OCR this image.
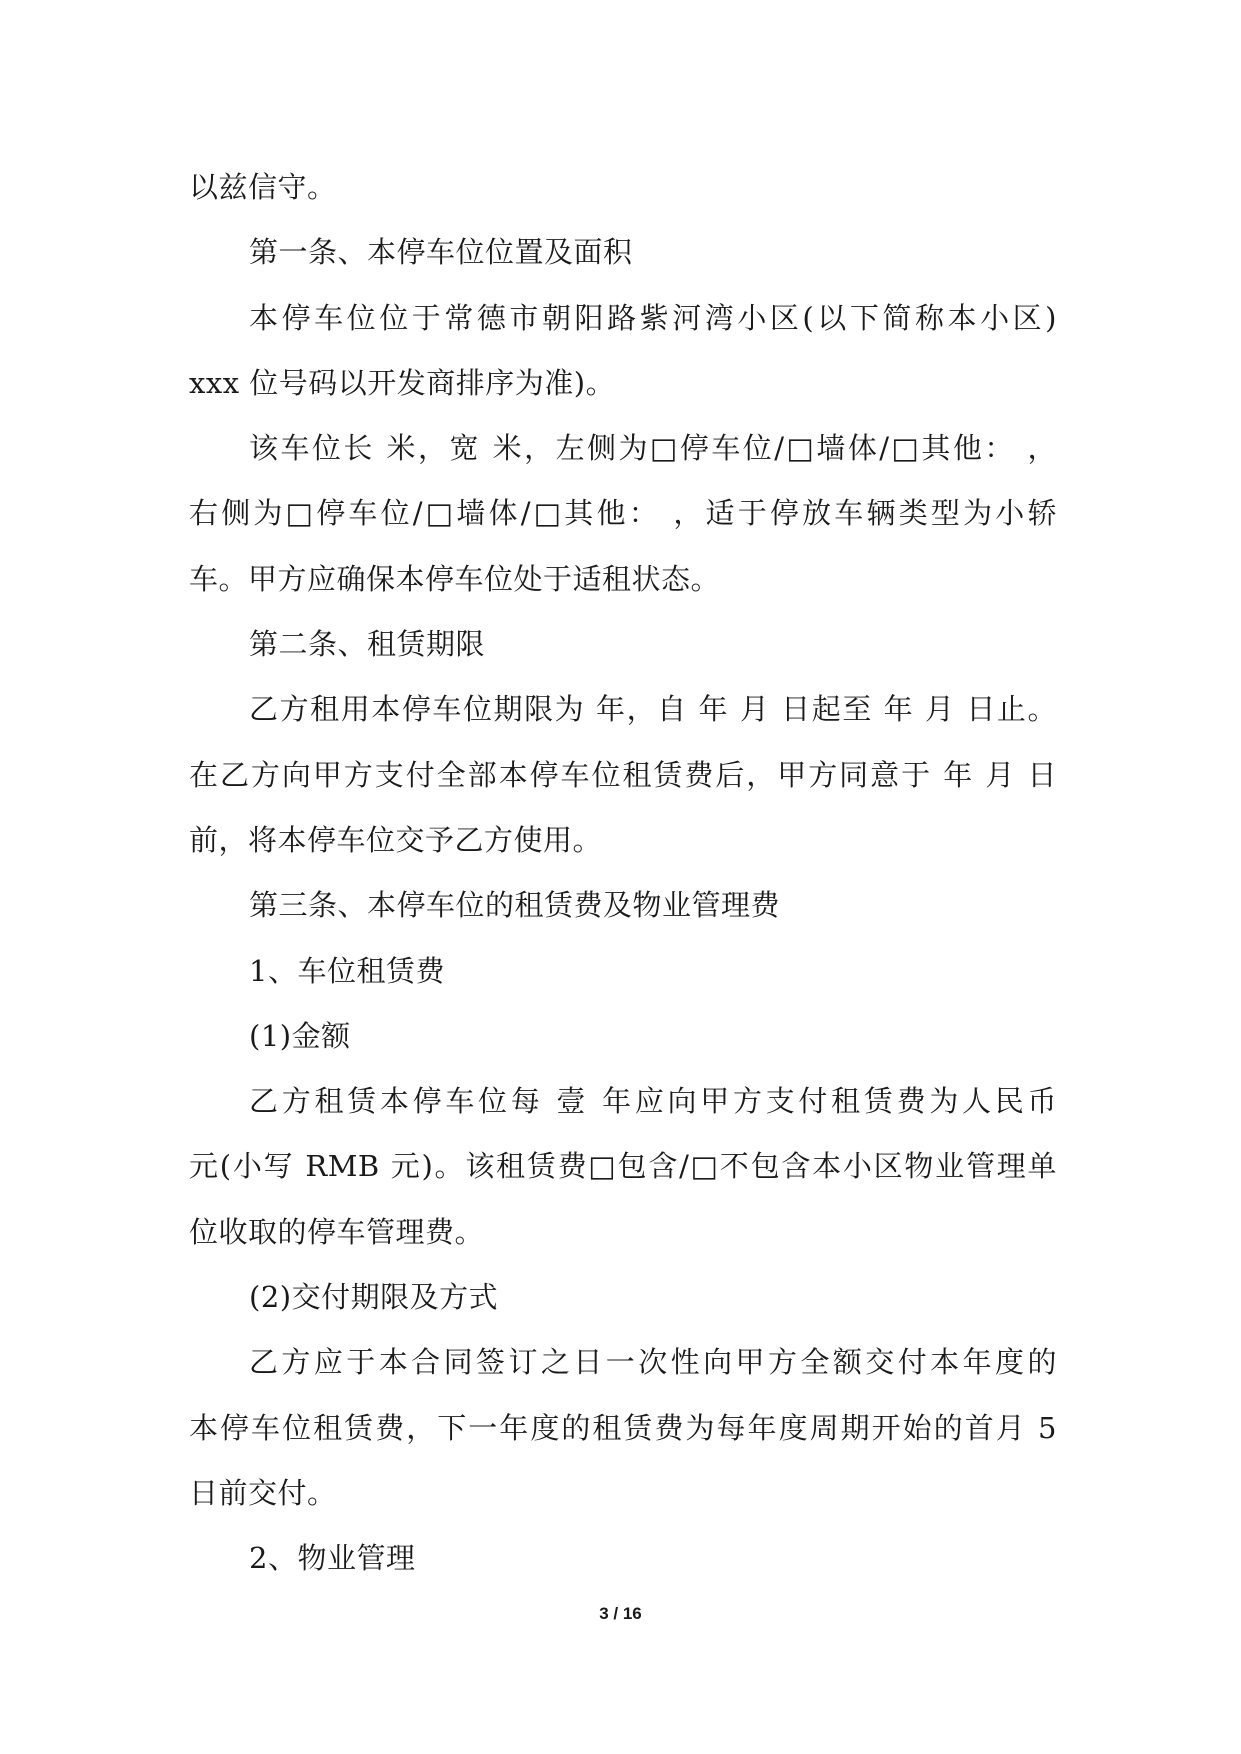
以兹信守。
第一条、本停车位位置及面积
本停车位位于常德市朝阳路紫河湾小区(以下简称本小区)
xxx 位号码以开发商排序为准)。
该车位长 米，宽 米，左侧为□停车位/□墙体/□其他： ，
右侧为□停车位/□墙体/□其他： ，适于停放车辆类型为小轿
车。甲方应确保本停车位处于适租状态。
第二条、租赁期限
乙方租用本停车位期限为 年，自 年 月 日起至 年 月 日止。
在乙方向甲方支付全部本停车位租赁费后，甲方同意于 年 月 日
前，将本停车位交予乙方使用。
第三条、本停车位的租赁费及物业管理费
1、车位租赁费
(1)金额
乙方租赁本停车位每 壹 年应向甲方支付租赁费为人民币
元(小写 RMB 元)。该租赁费□包含/□不包含本小区物业管理单
位收取的停车管理费。
(2)交付期限及方式
乙方应于本合同签订之日一次性向甲方全额交付本年度的
本停车位租赁费，下一年度的租赁费为每年度周期开始的首月 5
日前交付。
2、物业管理
3 / 16
